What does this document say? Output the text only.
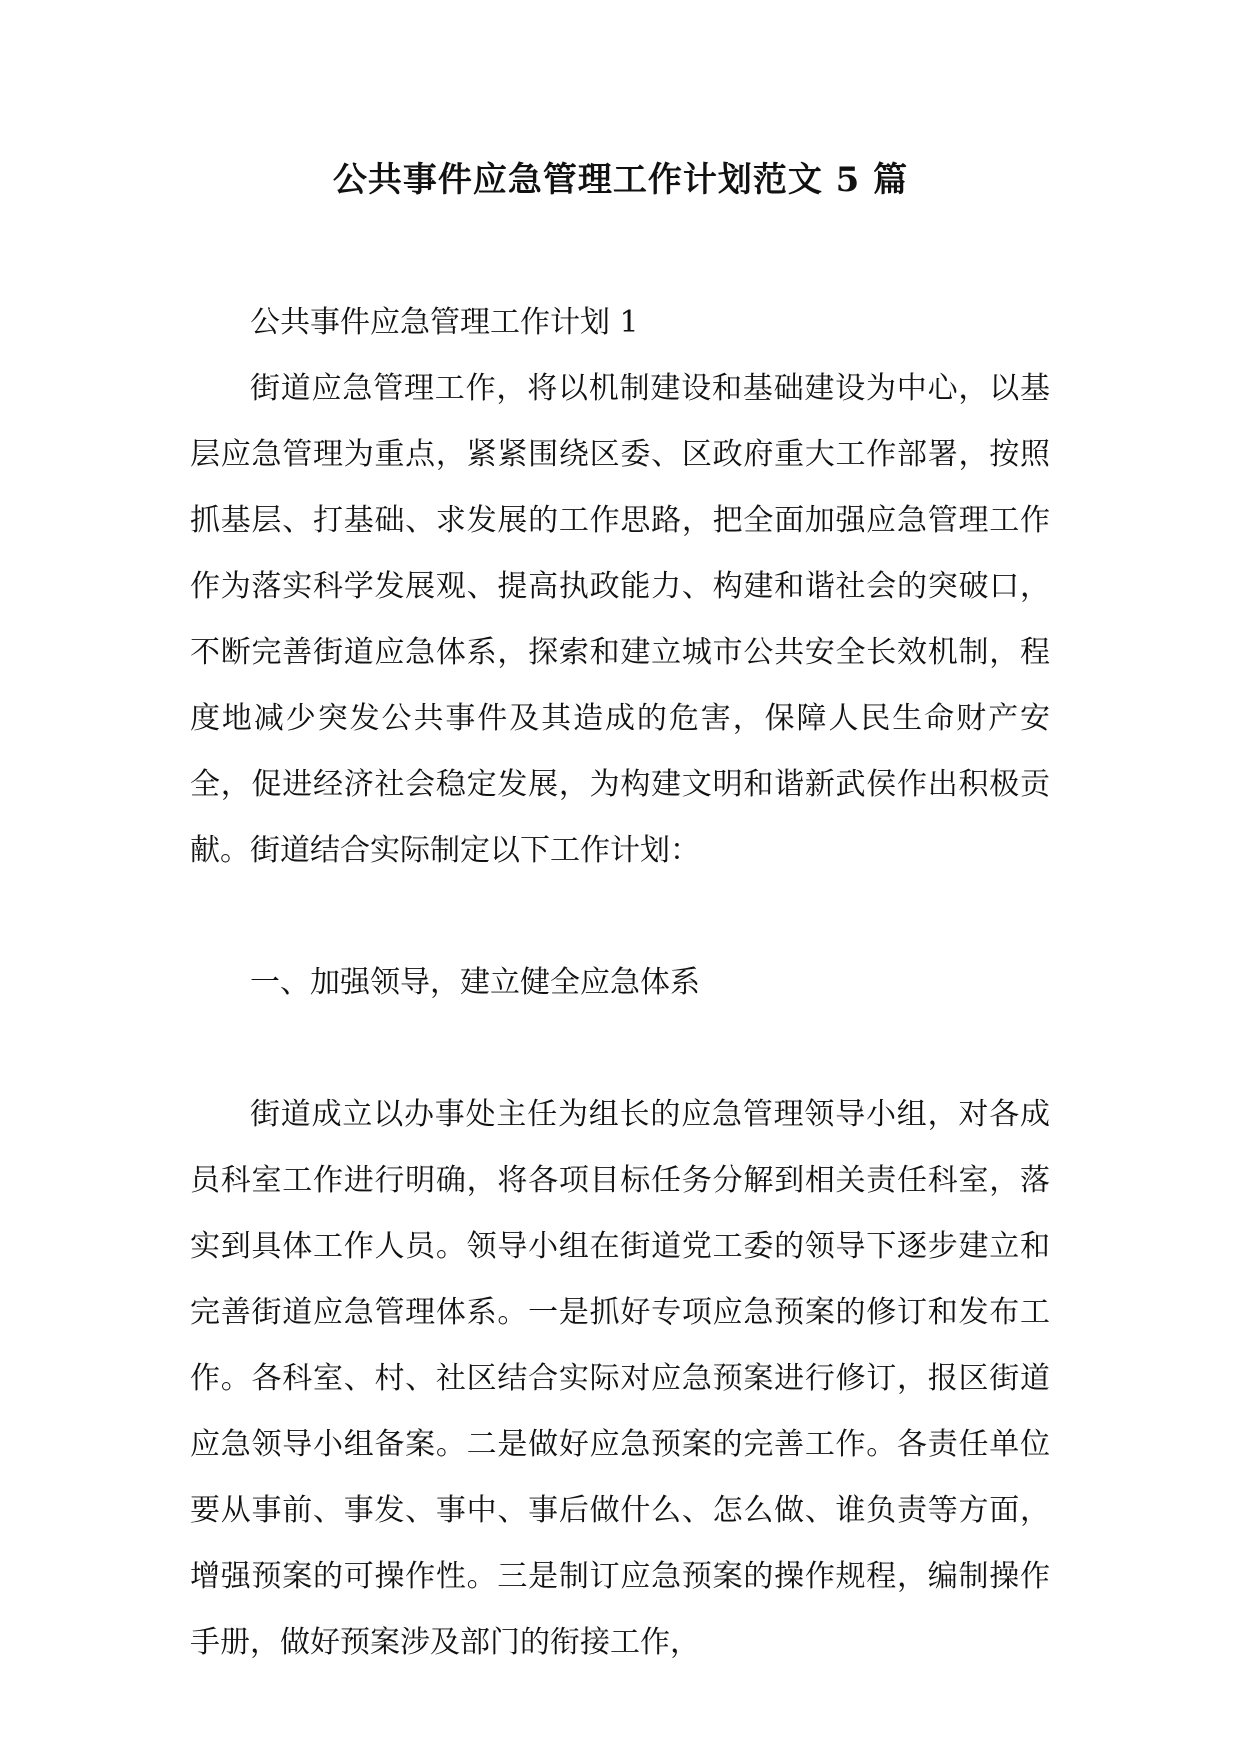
公共事件应急管理工作计划范文 5 篇

公共事件应急管理工作计划 1

街道应急管理工作，将以机制建设和基础建设为中心，以基层应急管理为重点，紧紧围绕区委、区政府重大工作部署，按照抓基层、打基础、求发展的工作思路，把全面加强应急管理工作作为落实科学发展观、提高执政能力、构建和谐社会的突破口，不断完善街道应急体系，探索和建立城市公共安全长效机制，程度地减少突发公共事件及其造成的危害，保障人民生命财产安全，促进经济社会稳定发展，为构建文明和谐新武侯作出积极贡献。街道结合实际制定以下工作计划：

一、加强领导，建立健全应急体系

街道成立以办事处主任为组长的应急管理领导小组，对各成员科室工作进行明确，将各项目标任务分解到相关责任科室，落实到具体工作人员。领导小组在街道党工委的领导下逐步建立和完善街道应急管理体系。一是抓好专项应急预案的修订和发布工作。各科室、村、社区结合实际对应急预案进行修订，报区街道应急领导小组备案。二是做好应急预案的完善工作。各责任单位要从事前、事发、事中、事后做什么、怎么做、谁负责等方面，增强预案的可操作性。三是制订应急预案的操作规程，编制操作手册，做好预案涉及部门的衔接工作，
